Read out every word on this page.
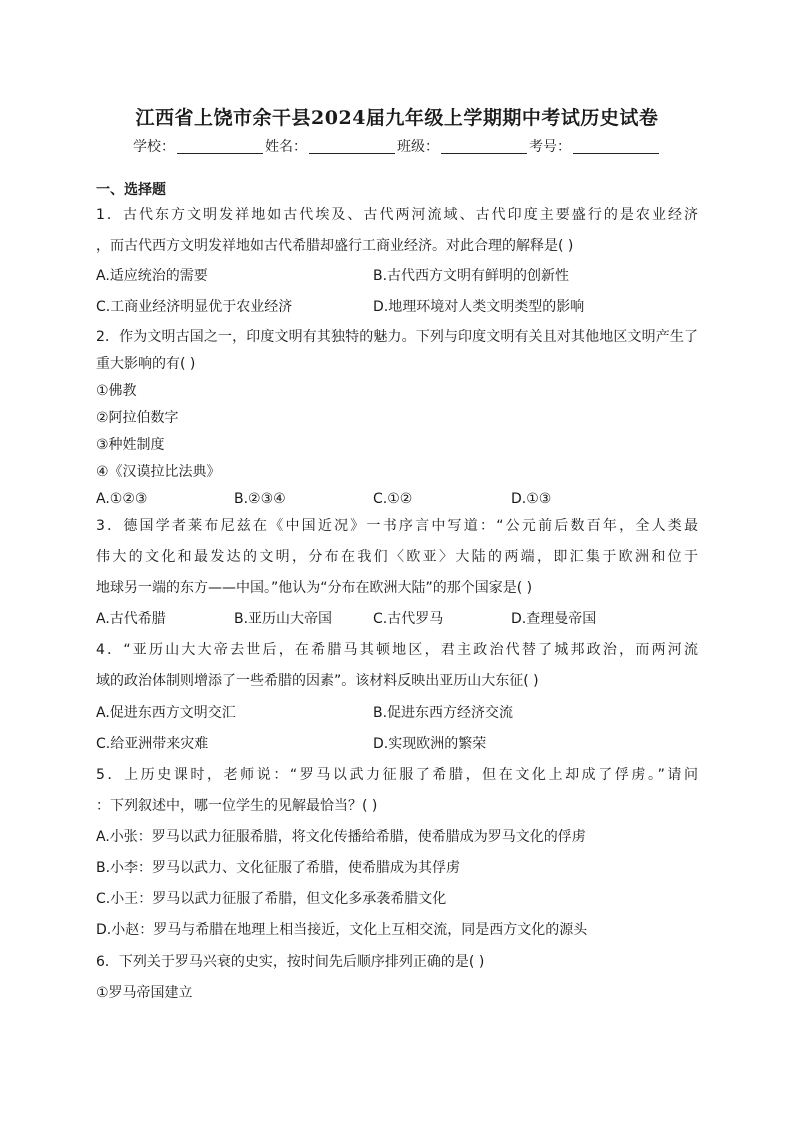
江西省上饶市余干县2024届九年级上学期期中考试历史试卷
学校：	姓名：	班级：	考号：
一、选择题
1．古代东方文明发祥地如古代埃及、古代两河流域、古代印度主要盛行的是农业经济
，而古代西方文明发祥地如古代希腊却盛行工商业经济。对此合理的解释是( )
A.适应统治的需要	B.古代西方文明有鲜明的创新性
C.工商业经济明显优于农业经济	D.地理环境对人类文明类型的影响
2．作为文明古国之一，印度文明有其独特的魅力。下列与印度文明有关且对其他地区文明产生了
重大影响的有( )
①佛教
②阿拉伯数字
③种姓制度
④《汉谟拉比法典》
A.①②③	B.②③④	C.①②	D.①③
3．德国学者莱布尼兹在《中国近况》一书序言中写道：“公元前后数百年，全人类最
伟大的文化和最发达的文明，分布在我们〈欧亚〉大陆的两端，即汇集于欧洲和位于
地球另一端的东方——中国。”他认为“分布在欧洲大陆”的那个国家是( )
A.古代希腊	B.亚历山大帝国	C.古代罗马	D.查理曼帝国
4．“亚历山大大帝去世后，在希腊马其顿地区，君主政治代替了城邦政治，而两河流
域的政治体制则增添了一些希腊的因素”。该材料反映出亚历山大东征( )
A.促进东西方文明交汇	B.促进东西方经济交流
C.给亚洲带来灾难	D.实现欧洲的繁荣
5．上历史课时，老师说：“罗马以武力征服了希腊，但在文化上却成了俘虏。”请问
：下列叙述中，哪一位学生的见解最恰当？( )
A.小张：罗马以武力征服希腊，将文化传播给希腊，使希腊成为罗马文化的俘虏
B.小李：罗马以武力、文化征服了希腊，使希腊成为其俘虏
C.小王：罗马以武力征服了希腊，但文化多承袭希腊文化
D.小赵：罗马与希腊在地理上相当接近，文化上互相交流，同是西方文化的源头
6．下列关于罗马兴衰的史实，按时间先后顺序排列正确的是( )
①罗马帝国建立
